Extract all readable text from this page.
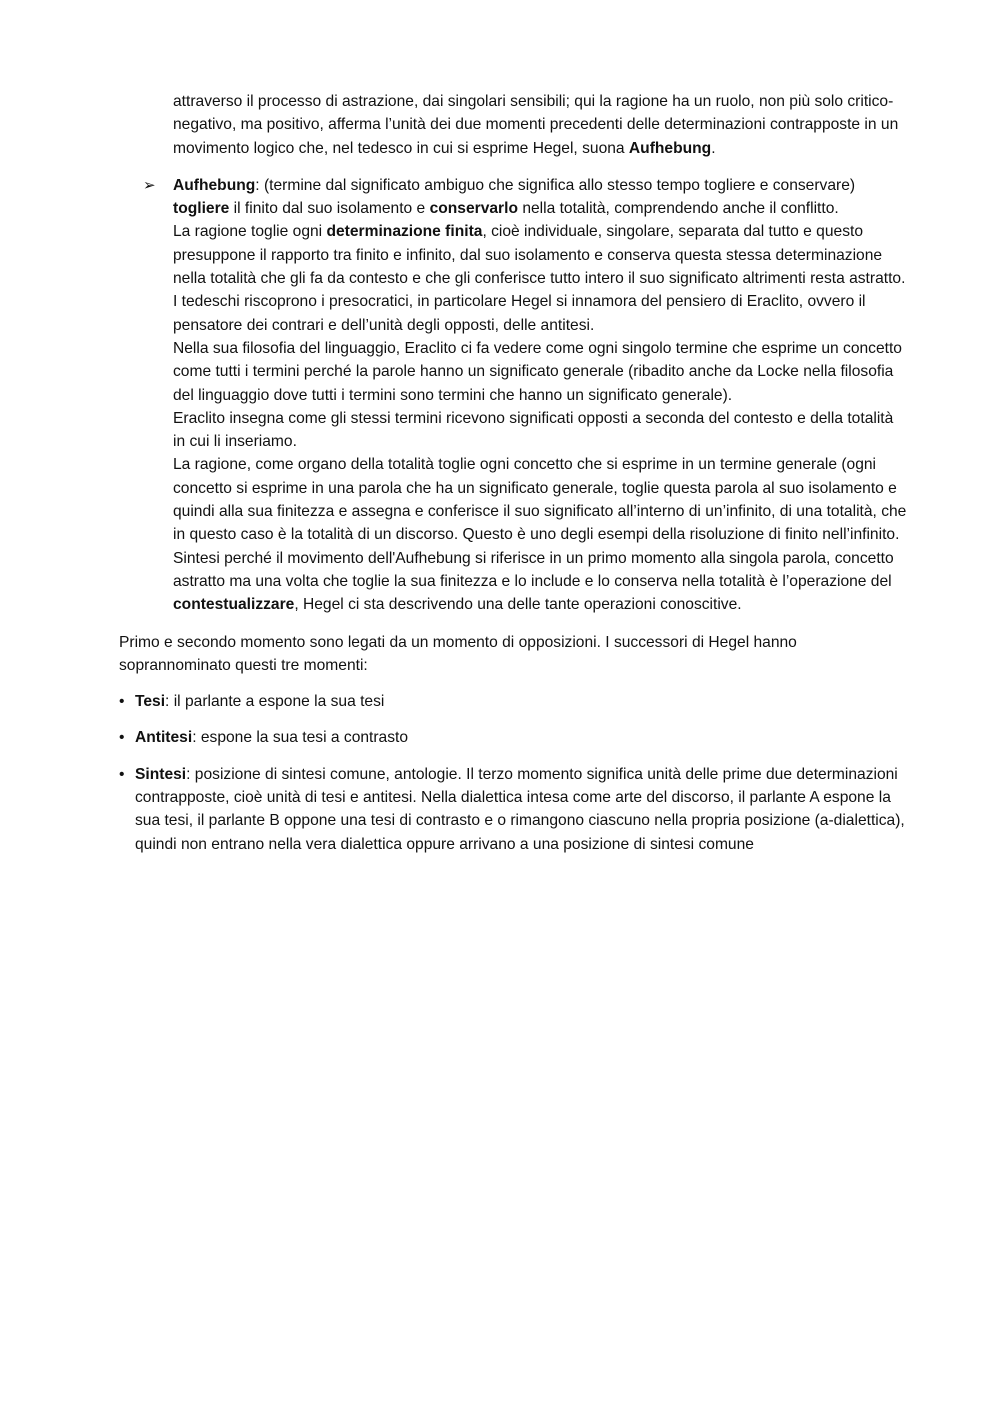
attraverso il processo di astrazione, dai singolari sensibili; qui la ragione ha un ruolo, non più solo critico-negativo, ma positivo, afferma l’unità dei due momenti precedenti delle determinazioni contrapposte in un movimento logico che, nel tedesco in cui si esprime Hegel, suona Aufhebung.

➢ Aufhebung: (termine dal significato ambiguo che significa allo stesso tempo togliere e conservare) togliere il finito dal suo isolamento e conservarlo nella totalità, comprendendo anche il conflitto.

La ragione toglie ogni determinazione finita, cioè individuale, singolare, separata dal tutto e questo presuppone il rapporto tra finito e infinito, dal suo isolamento e conserva questa stessa determinazione nella totalità che gli fa da contesto e che gli conferisce tutto intero il suo significato altrimenti resta astratto.

I tedeschi riscoprono i presocratici, in particolare Hegel si innamora del pensiero di Eraclito, ovvero il pensatore dei contrari e dell’unità degli opposti, delle antitesi.

Nella sua filosofia del linguaggio, Eraclito ci fa vedere come ogni singolo termine che esprime un concetto come tutti i termini perché la parole hanno un significato generale (ribadito anche da Locke nella filosofia del linguaggio dove tutti i termini sono termini che hanno un significato generale).

Eraclito insegna come gli stessi termini ricevono significati opposti a seconda del contesto e della totalità in cui li inseriamo.

La ragione, come organo della totalità toglie ogni concetto che si esprime in un termine generale (ogni concetto si esprime in una parola che ha un significato generale, toglie questa parola al suo isolamento e quindi alla sua finitezza e assegna e conferisce il suo significato all’interno di un’infinito, di una totalità, che in questo caso è la totalità di un discorso. Questo è uno degli esempi della risoluzione di finito nell’infinito. Sintesi perché il movimento dell'Aufhebung si riferisce in un primo momento alla singola parola, concetto astratto ma una volta che toglie la sua finitezza e lo include e lo conserva nella totalità è l’operazione del contestualizzare, Hegel ci sta descrivendo una delle tante operazioni conoscitive.

Primo e secondo momento sono legati da un momento di opposizioni. I successori di Hegel hanno soprannominato questi tre momenti:

• Tesi: il parlante a espone la sua tesi

• Antitesi: espone la sua tesi a contrasto

• Sintesi: posizione di sintesi comune, antologie. Il terzo momento significa unità delle prime due determinazioni contrapposte, cioè unità di tesi e antitesi. Nella dialettica intesa come arte del discorso, il parlante A espone la sua tesi, il parlante B oppone una tesi di contrasto e o rimangono ciascuno nella propria posizione (a-dialettica), quindi non entrano nella vera dialettica oppure arrivano a una posizione di sintesi comune
